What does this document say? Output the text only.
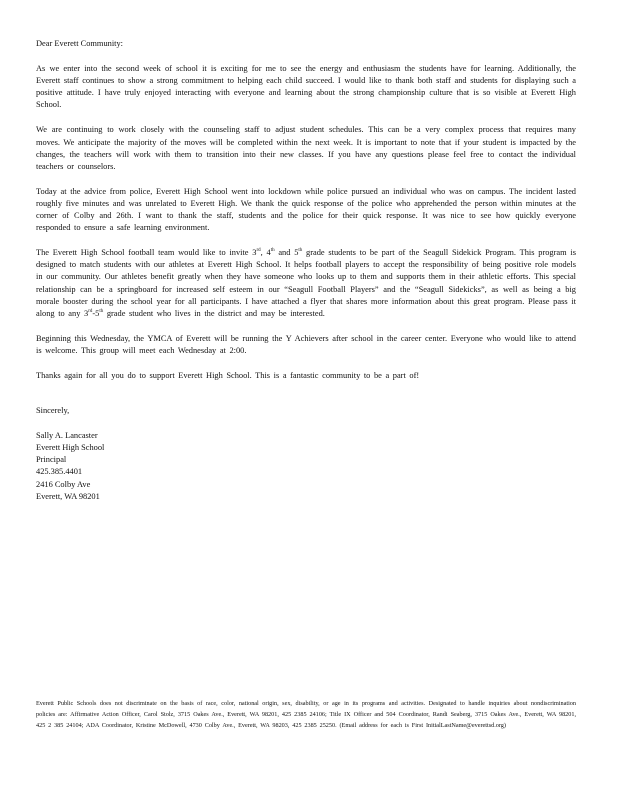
Dear Everett Community:

As we enter into the second week of school it is exciting for me to see the energy and enthusiasm the students have for learning. Additionally, the Everett staff continues to show a strong commitment to helping each child succeed. I would like to thank both staff and students for displaying such a positive attitude. I have truly enjoyed interacting with everyone and learning about the strong championship culture that is so visible at Everett High School.

We are continuing to work closely with the counseling staff to adjust student schedules. This can be a very complex process that requires many moves. We anticipate the majority of the moves will be completed within the next week. It is important to note that if your student is impacted by the changes, the teachers will work with them to transition into their new classes. If you have any questions please feel free to contact the individual teachers or counselors.

Today at the advice from police, Everett High School went into lockdown while police pursued an individual who was on campus. The incident lasted roughly five minutes and was unrelated to Everett High. We thank the quick response of the police who apprehended the person within minutes at the corner of Colby and 26th. I want to thank the staff, students and the police for their quick response. It was nice to see how quickly everyone responded to ensure a safe learning environment.

The Everett High School football team would like to invite 3rd, 4th and 5th grade students to be part of the Seagull Sidekick Program. This program is designed to match students with our athletes at Everett High School. It helps football players to accept the responsibility of being positive role models in our community. Our athletes benefit greatly when they have someone who looks up to them and supports them in their athletic efforts. This special relationship can be a springboard for increased self esteem in our “Seagull Football Players” and the “Seagull Sidekicks”, as well as being a big morale booster during the school year for all participants. I have attached a flyer that shares more information about this great program. Please pass it along to any 3rd-5th grade student who lives in the district and may be interested.

Beginning this Wednesday, the YMCA of Everett will be running the Y Achievers after school in the career center. Everyone who would like to attend is welcome. This group will meet each Wednesday at 2:00.

Thanks again for all you do to support Everett High School. This is a fantastic community to be a part of!

Sincerely,

Sally A. Lancaster
Everett High School
Principal
425.385.4401
2416 Colby Ave
Everett, WA 98201

Everett Public Schools does not discriminate on the basis of race, color, national origin, sex, disability, or age in its programs and activities. Designated to handle inquiries about nondiscrimination policies are: Affirmative Action Officer, Carol Stolz, 3715 Oakes Ave., Everett, WA 98201, 425 2385 24106; Title IX Officer and 504 Coordinator, Randi Seaberg, 3715 Oakes Ave., Everett, WA 98201, 425 2 385 24104; ADA Coordinator, Kristine McDowell, 4730 Colby Ave., Everett, WA 98203, 425 2385 25250. (Email address for each is First InitialLastName@everettsd.org)
